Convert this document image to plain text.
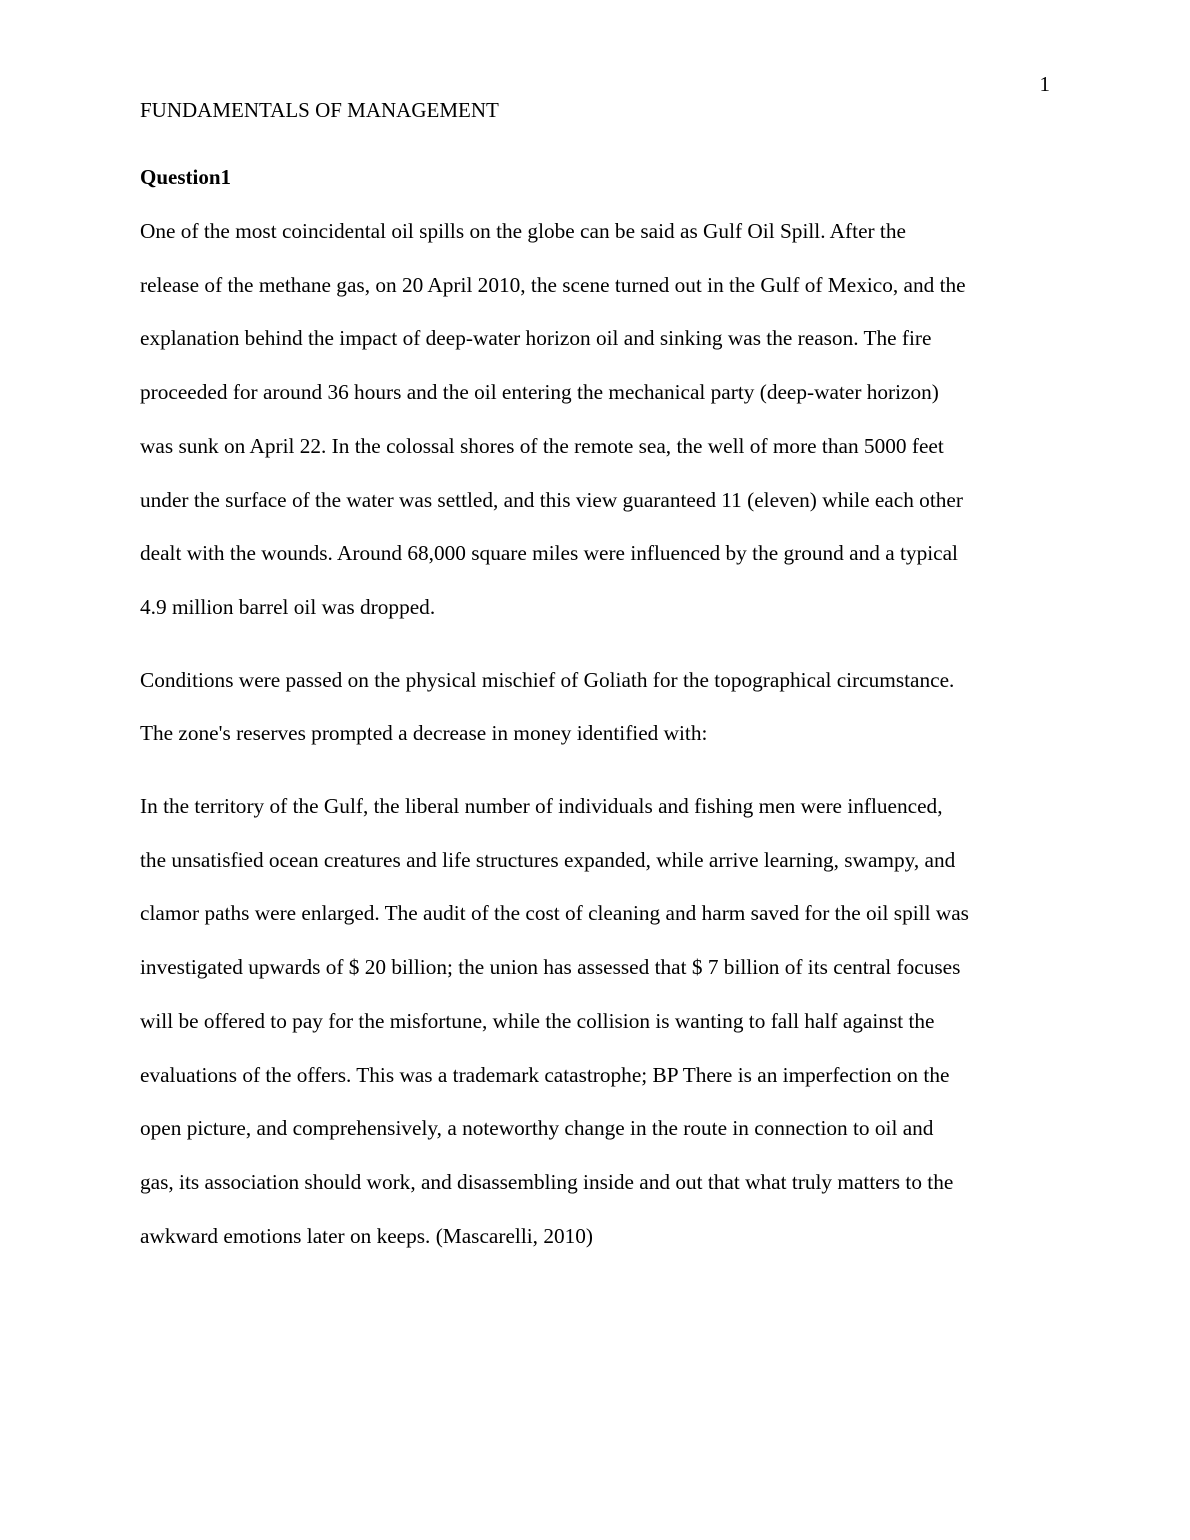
1
FUNDAMENTALS OF MANAGEMENT
Question1
One of the most coincidental oil spills on the globe can be said as Gulf Oil Spill. After the
release of the methane gas, on 20 April 2010, the scene turned out in the Gulf of Mexico, and the
explanation behind the impact of deep-water horizon oil and sinking was the reason. The fire
proceeded for around 36 hours and the oil entering the mechanical party (deep-water horizon)
was sunk on April 22. In the colossal shores of the remote sea, the well of more than 5000 feet
under the surface of the water was settled, and this view guaranteed 11 (eleven) while each other
dealt with the wounds. Around 68,000 square miles were influenced by the ground and a typical
4.9 million barrel oil was dropped.
Conditions were passed on the physical mischief of Goliath for the topographical circumstance.
The zone's reserves prompted a decrease in money identified with:
In the territory of the Gulf, the liberal number of individuals and fishing men were influenced,
the unsatisfied ocean creatures and life structures expanded, while arrive learning, swampy, and
clamor paths were enlarged. The audit of the cost of cleaning and harm saved for the oil spill was
investigated upwards of $ 20 billion; the union has assessed that $ 7 billion of its central focuses
will be offered to pay for the misfortune, while the collision is wanting to fall half against the
evaluations of the offers. This was a trademark catastrophe; BP There is an imperfection on the
open picture, and comprehensively, a noteworthy change in the route in connection to oil and
gas, its association should work, and disassembling inside and out that what truly matters to the
awkward emotions later on keeps. (Mascarelli, 2010)
